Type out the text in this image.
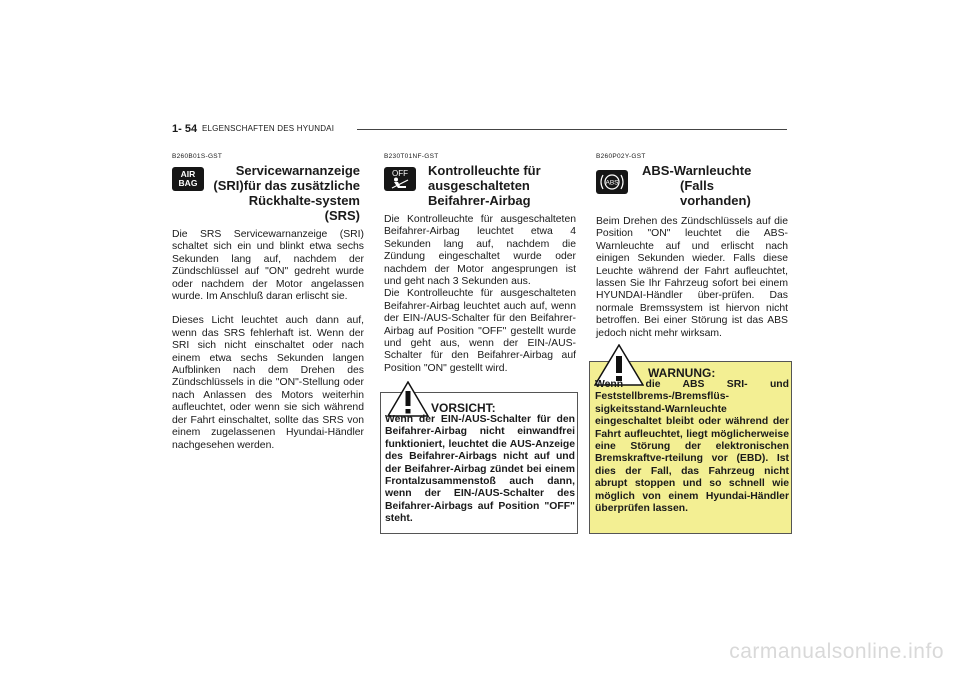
1- 54 ELGENSCHAFTEN DES HYUNDAI
B260B01S-GST
AIR
BAG
Servicewarnanzeige (SRI)für das zusätzliche Rückhalte-system (SRS)

Die SRS Servicewarnanzeige (SRI) schaltet sich ein und blinkt etwa sechs Sekunden lang auf, nachdem der Zündschlüssel auf "ON" gedreht wurde oder nachdem der Motor angelassen wurde. Im Anschluß daran erlischt sie.

Dieses Licht leuchtet auch dann auf, wenn das SRS fehlerhaft ist. Wenn der SRI sich nicht einschaltet oder nach einem etwa sechs Sekunden langen Aufblinken nach dem Drehen des Zündschlüssels in die "ON"-Stellung oder nach Anlassen des Motors weiterhin aufleuchtet, oder wenn sie sich während der Fahrt einschaltet, sollte das SRS von einem zugelassenen Hyundai-Händler nachgesehen werden.

B230T01NF-GST
OFF	Kontrolleuchte für ausgeschalteten Beifahrer-Airbag

Die Kontrolleuchte für ausgeschalteten Beifahrer-Airbag leuchtet etwa 4 Sekunden lang auf, nachdem die Zündung eingeschaltet wurde oder nachdem der Motor angesprungen ist und geht nach 3 Sekunden aus.

Die Kontrolleuchte für ausgeschalteten Beifahrer-Airbag leuchtet auch auf, wenn der EIN-/AUS-Schalter für den Beifahrer-Airbag auf Position "OFF" gestellt wurde und geht aus, wenn der EIN-/AUS-Schalter für den Beifahrer-Airbag auf Position "ON" gestellt wird.

VORSICHT:
Wenn der EIN-/AUS-Schalter für den Beifahrer-Airbag nicht einwandfrei funktioniert, leuchtet die AUS-Anzeige des Beifahrer-Airbags nicht auf und der Beifahrer-Airbag zündet bei einem Frontalzusammenstoß auch dann, wenn der EIN-/AUS-Schalter des Beifahrer-Airbags auf Position "OFF" steht.
B260P02Y-GST
ABS
ABS-Warnleuchte
(Falls vorhanden)

Beim Drehen des Zündschlüssels auf die Position "ON" leuchtet die ABS-Warnleuchte auf und erlischt nach einigen Sekunden wieder. Falls diese Leuchte während der Fahrt aufleuchtet, lassen Sie Ihr Fahrzeug sofort bei einem HYUNDAI-Händler über-prüfen. Das normale Bremssystem ist hiervon nicht betroffen. Bei einer Störung ist das ABS jedoch nicht mehr wirksam.

WARNUNG:
Wenn die ABS SRI- und Feststellbrems-/Bremsflüs-sigkeitsstand-Warnleuchte eingeschaltet bleibt oder während der Fahrt aufleuchtet, liegt möglicherweise eine Störung der elektronischen Bremskraftve-rteilung vor (EBD). Ist dies der Fall, das Fahrzeug nicht abrupt stoppen und so schnell wie möglich von einem Hyundai-Händler überprüfen lassen.
carmanualsonline.info
